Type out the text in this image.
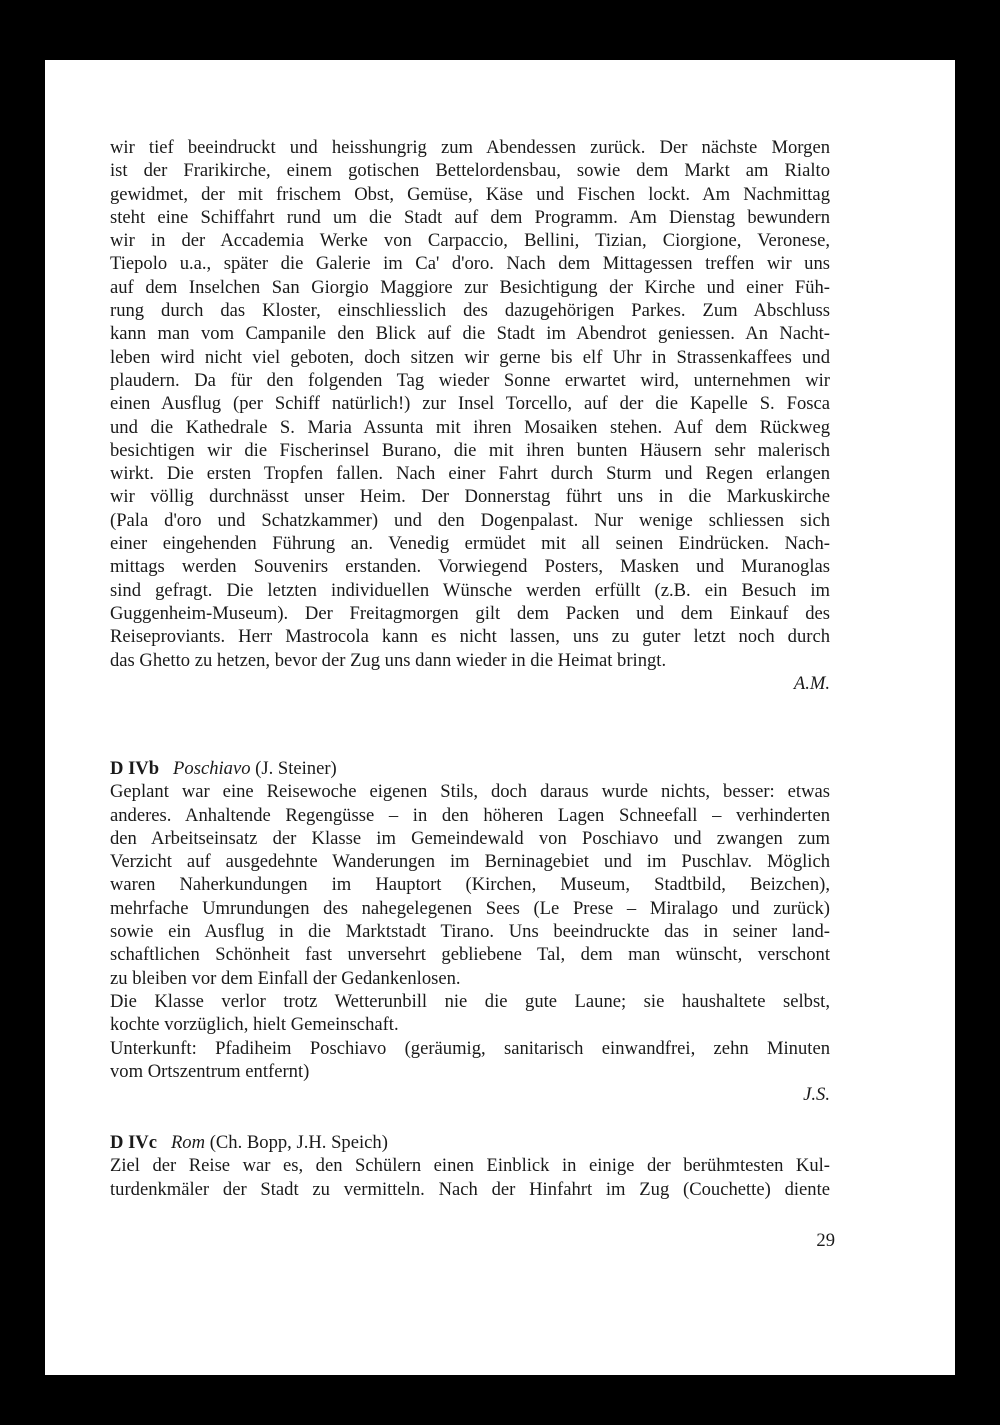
wir tief beeindruckt und heisshungrig zum Abendessen zurück. Der nächste Morgen
ist der Frarikirche, einem gotischen Bettelordensbau, sowie dem Markt am Rialto
gewidmet, der mit frischem Obst, Gemüse, Käse und Fischen lockt. Am Nachmittag
steht eine Schiffahrt rund um die Stadt auf dem Programm. Am Dienstag bewundern
wir in der Accademia Werke von Carpaccio, Bellini, Tizian, Ciorgione, Veronese,
Tiepolo u.a., später die Galerie im Ca' d'oro. Nach dem Mittagessen treffen wir uns
auf dem Inselchen San Giorgio Maggiore zur Besichtigung der Kirche und einer Füh-
rung durch das Kloster, einschliesslich des dazugehörigen Parkes. Zum Abschluss
kann man vom Campanile den Blick auf die Stadt im Abendrot geniessen. An Nacht-
leben wird nicht viel geboten, doch sitzen wir gerne bis elf Uhr in Strassenkaffees und
plaudern. Da für den folgenden Tag wieder Sonne erwartet wird, unternehmen wir
einen Ausflug (per Schiff natürlich!) zur Insel Torcello, auf der die Kapelle S. Fosca
und die Kathedrale S. Maria Assunta mit ihren Mosaiken stehen. Auf dem Rückweg
besichtigen wir die Fischerinsel Burano, die mit ihren bunten Häusern sehr malerisch
wirkt. Die ersten Tropfen fallen. Nach einer Fahrt durch Sturm und Regen erlangen
wir völlig durchnässt unser Heim. Der Donnerstag führt uns in die Markuskirche
(Pala d'oro und Schatzkammer) und den Dogenpalast. Nur wenige schliessen sich
einer eingehenden Führung an. Venedig ermüdet mit all seinen Eindrücken. Nach-
mittags werden Souvenirs erstanden. Vorwiegend Posters, Masken und Muranoglas
sind gefragt. Die letzten individuellen Wünsche werden erfüllt (z.B. ein Besuch im
Guggenheim-Museum). Der Freitagmorgen gilt dem Packen und dem Einkauf des
Reiseproviants. Herr Mastrocola kann es nicht lassen, uns zu guter letzt noch durch
das Ghetto zu hetzen, bevor der Zug uns dann wieder in die Heimat bringt.
A.M.
D IVb Poschiavo (J. Steiner)
Geplant war eine Reisewoche eigenen Stils, doch daraus wurde nichts, besser: etwas
anderes. Anhaltende Regengüsse – in den höheren Lagen Schneefall – verhinderten
den Arbeitseinsatz der Klasse im Gemeindewald von Poschiavo und zwangen zum
Verzicht auf ausgedehnte Wanderungen im Berninagebiet und im Puschlav. Möglich
waren Naherkundungen im Hauptort (Kirchen, Museum, Stadtbild, Beizchen),
mehrfache Umrundungen des nahegelegenen Sees (Le Prese – Miralago und zurück)
sowie ein Ausflug in die Marktstadt Tirano. Uns beeindruckte das in seiner land-
schaftlichen Schönheit fast unversehrt gebliebene Tal, dem man wünscht, verschont
zu bleiben vor dem Einfall der Gedankenlosen.
Die Klasse verlor trotz Wetterunbill nie die gute Laune; sie haushaltete selbst,
kochte vorzüglich, hielt Gemeinschaft.
Unterkunft: Pfadiheim Poschiavo (geräumig, sanitarisch einwandfrei, zehn Minuten
vom Ortszentrum entfernt)
J.S.
D IVc Rom (Ch. Bopp, J.H. Speich)
Ziel der Reise war es, den Schülern einen Einblick in einige der berühmtesten Kul-
turdenkmäler der Stadt zu vermitteln. Nach der Hinfahrt im Zug (Couchette) diente
29
